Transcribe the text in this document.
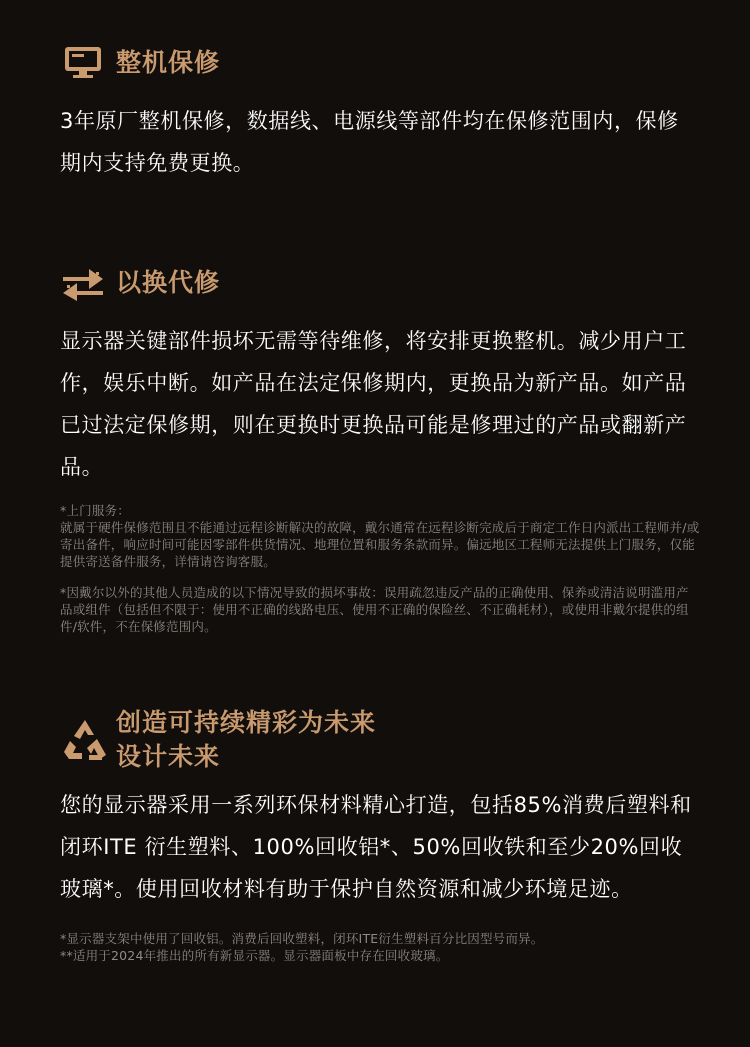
整机保修

3年原厂整机保修，数据线、电源线等部件均在保修范围内，保修期内支持免费更换。

以换代修

显示器关键部件损坏无需等待维修，将安排更换整机。减少用户工作，娱乐中断。如产品在法定保修期内，更换品为新产品。如产品已过法定保修期，则在更换时更换品可能是修理过的产品或翻新产品。

*上门服务：

就属于硬件保修范围且不能通过远程诊断解决的故障，戴尔通常在远程诊断完成后于商定工作日内派出工程师并/或寄出备件，响应时间可能因零部件供货情况、地理位置和服务条款而异。偏远地区工程师无法提供上门服务，仅能提供寄送备件服务，详情请咨询客服。

*因戴尔以外的其他人员造成的以下情况导致的损坏事故：误用疏忽违反产品的正确使用、保养或清洁说明滥用产品或组件（包括但不限于：使用不正确的线路电压、使用不正确的保险丝、不正确耗材），或使用非戴尔提供的组件/软件，不在保修范围内。

创造可持续精彩为未来
设计未来

您的显示器采用一系列环保材料精心打造，包括85%消费后塑料和闭环ITE 衍生塑料、100%回收铝*、50%回收铁和至少20%回收玻璃*。使用回收材料有助于保护自然资源和减少环境足迹。

*显示器支架中使用了回收铝。消费后回收塑料，闭环ITE衍生塑料百分比因型号而异。

**适用于2024年推出的所有新显示器。显示器面板中存在回收玻璃。
